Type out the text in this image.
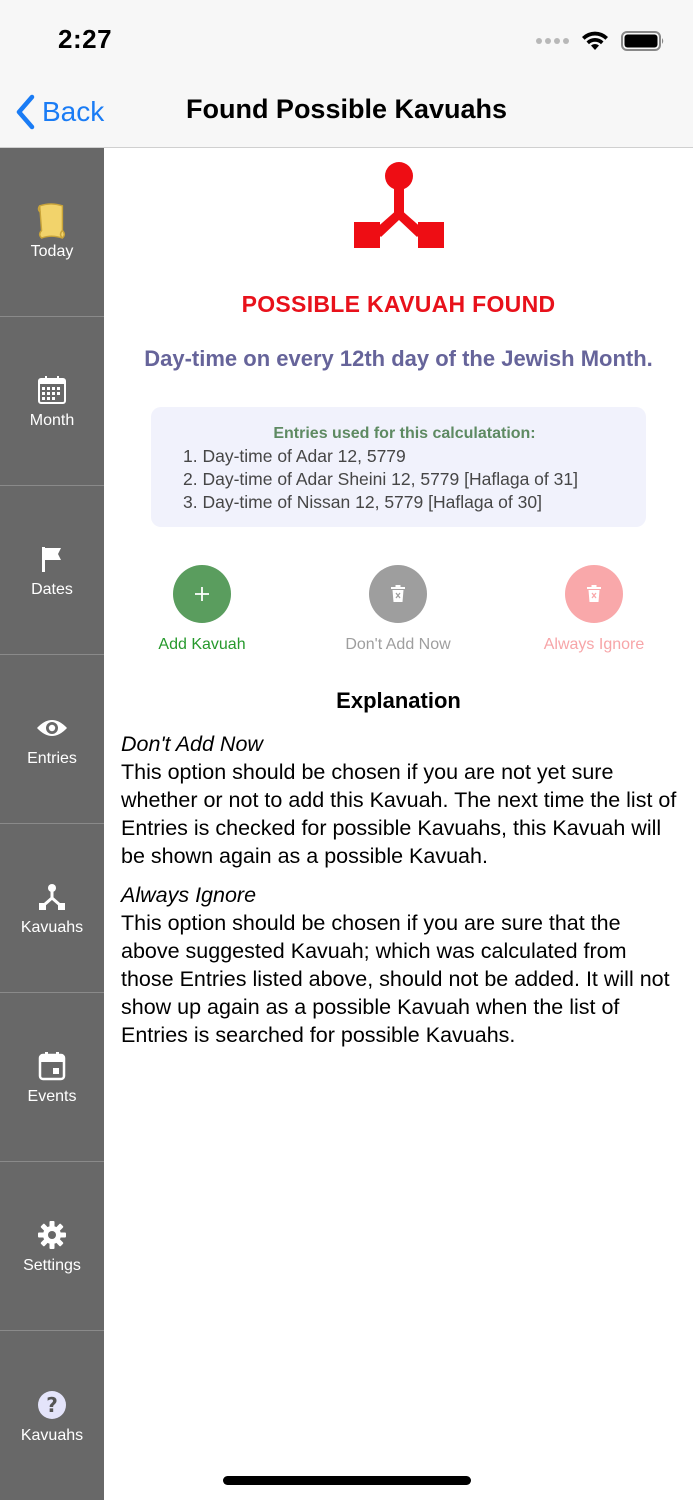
2:27
Back	Found Possible Kavuahs
Today
Month
Dates
Entries
Kavuahs
Events
Settings
?
Kavuahs
POSSIBLE KAVUAH FOUND
Day-time on every 12th day of the Jewish Month.
Entries used for this calculatation:
1. Day-time of Adar 12, 5779
2. Day-time of Adar Sheini 12, 5779 [Haflaga of 31]
3. Day-time of Nissan 12, 5779 [Haflaga of 30]
Add Kavuah	Don't Add Now	Always Ignore
Explanation
Don't Add Now
This option should be chosen if you are not yet sure whether or not to add this Kavuah. The next time the list of Entries is checked for possible Kavuahs, this Kavuah will be shown again as a possible Kavuah.
Always Ignore
This option should be chosen if you are sure that the above suggested Kavuah; which was calculated from those Entries listed above, should not be added. It will not show up again as a possible Kavuah when the list of Entries is searched for possible Kavuahs.
